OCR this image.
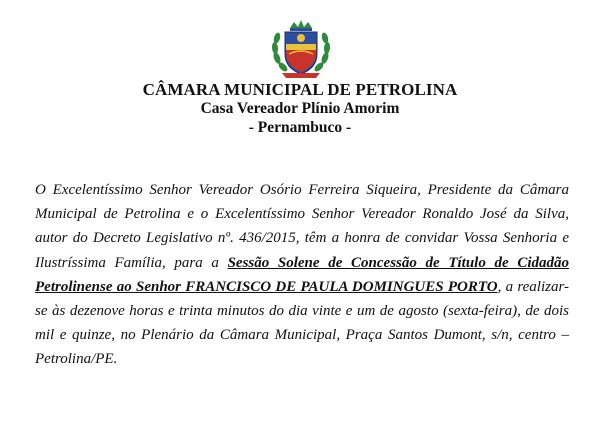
CÂMARA MUNICIPAL DE PETROLINA
Casa Vereador Plínio Amorim
- Pernambuco -
O Excelentíssimo Senhor Vereador Osório Ferreira Siqueira, Presidente da Câmara Municipal de Petrolina e o Excelentíssimo Senhor Vereador Ronaldo José da Silva, autor do Decreto Legislativo nº. 436/2015, têm a honra de convidar Vossa Senhoria e Ilustríssima Família, para a Sessão Solene de Concessão de Título de Cidadão Petrolinense ao Senhor FRANCISCO DE PAULA DOMINGUES PORTO, a realizar-se às dezenove horas e trinta minutos do dia vinte e um de agosto (sexta-feira), de dois mil e quinze, no Plenário da Câmara Municipal, Praça Santos Dumont, s/n, centro – Petrolina/PE.
